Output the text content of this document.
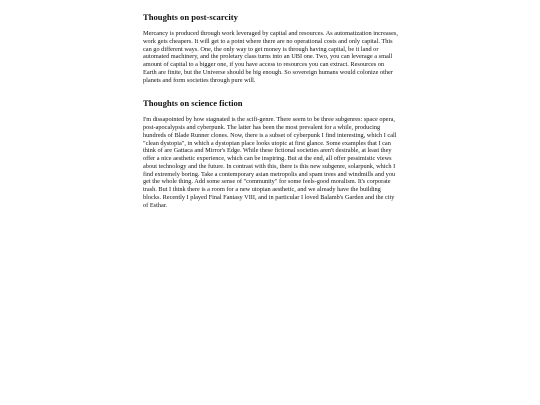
Thoughts on post-scarcity

Mercancy is produced through work leveraged by capital and resources. As automatization increases, work gets cheapers. It will get to a point where there are no operational costs and only capital. This can go different ways. One, the only way to get money is through having capital, be it land or automated machinery, and the proletary class turns into an UBI one. Two, you can leverage a small amount of capital to a bigger one, if you have access to resources you can extract. Resources on Earth are finite, but the Universe should be big enough. So sovereign humans would colonize other planets and form societies through pure will.

Thoughts on science fiction

I'm dissapointed by how stagnated is the scifi-genre. There seem to be three subgenres: space opera, post-apocalypsis and cyberpunk. The latter has been the most prevalent for a while, producing hundreds of Blade Runner clones. Now, there is a subset of cyberpunk I find interesting, which I call "clean dystopia", in which a dystopian place looks utopic at first glance. Some examples that I can think of are Gattaca and Mirror's Edge. While these fictional societies aren't desirable, at least they offer a nice aesthetic experience, which can be inspiring. But at the end, all offer pessimistic views about technology and the future. In contrast with this, there is this new subgenre, solarpunk, which I find extremely boring. Take a contemporary asian metropolis and spam trees and windmills and you get the whole thing. Add some sense of "community" for some feels-good moralism. It's corporate trash. But I think there is a room for a new utopian aesthetic, and we already have the building blocks. Recently I played Final Fantasy VIII, and in particular I loved Balamb's Garden and the city of Esthar.
